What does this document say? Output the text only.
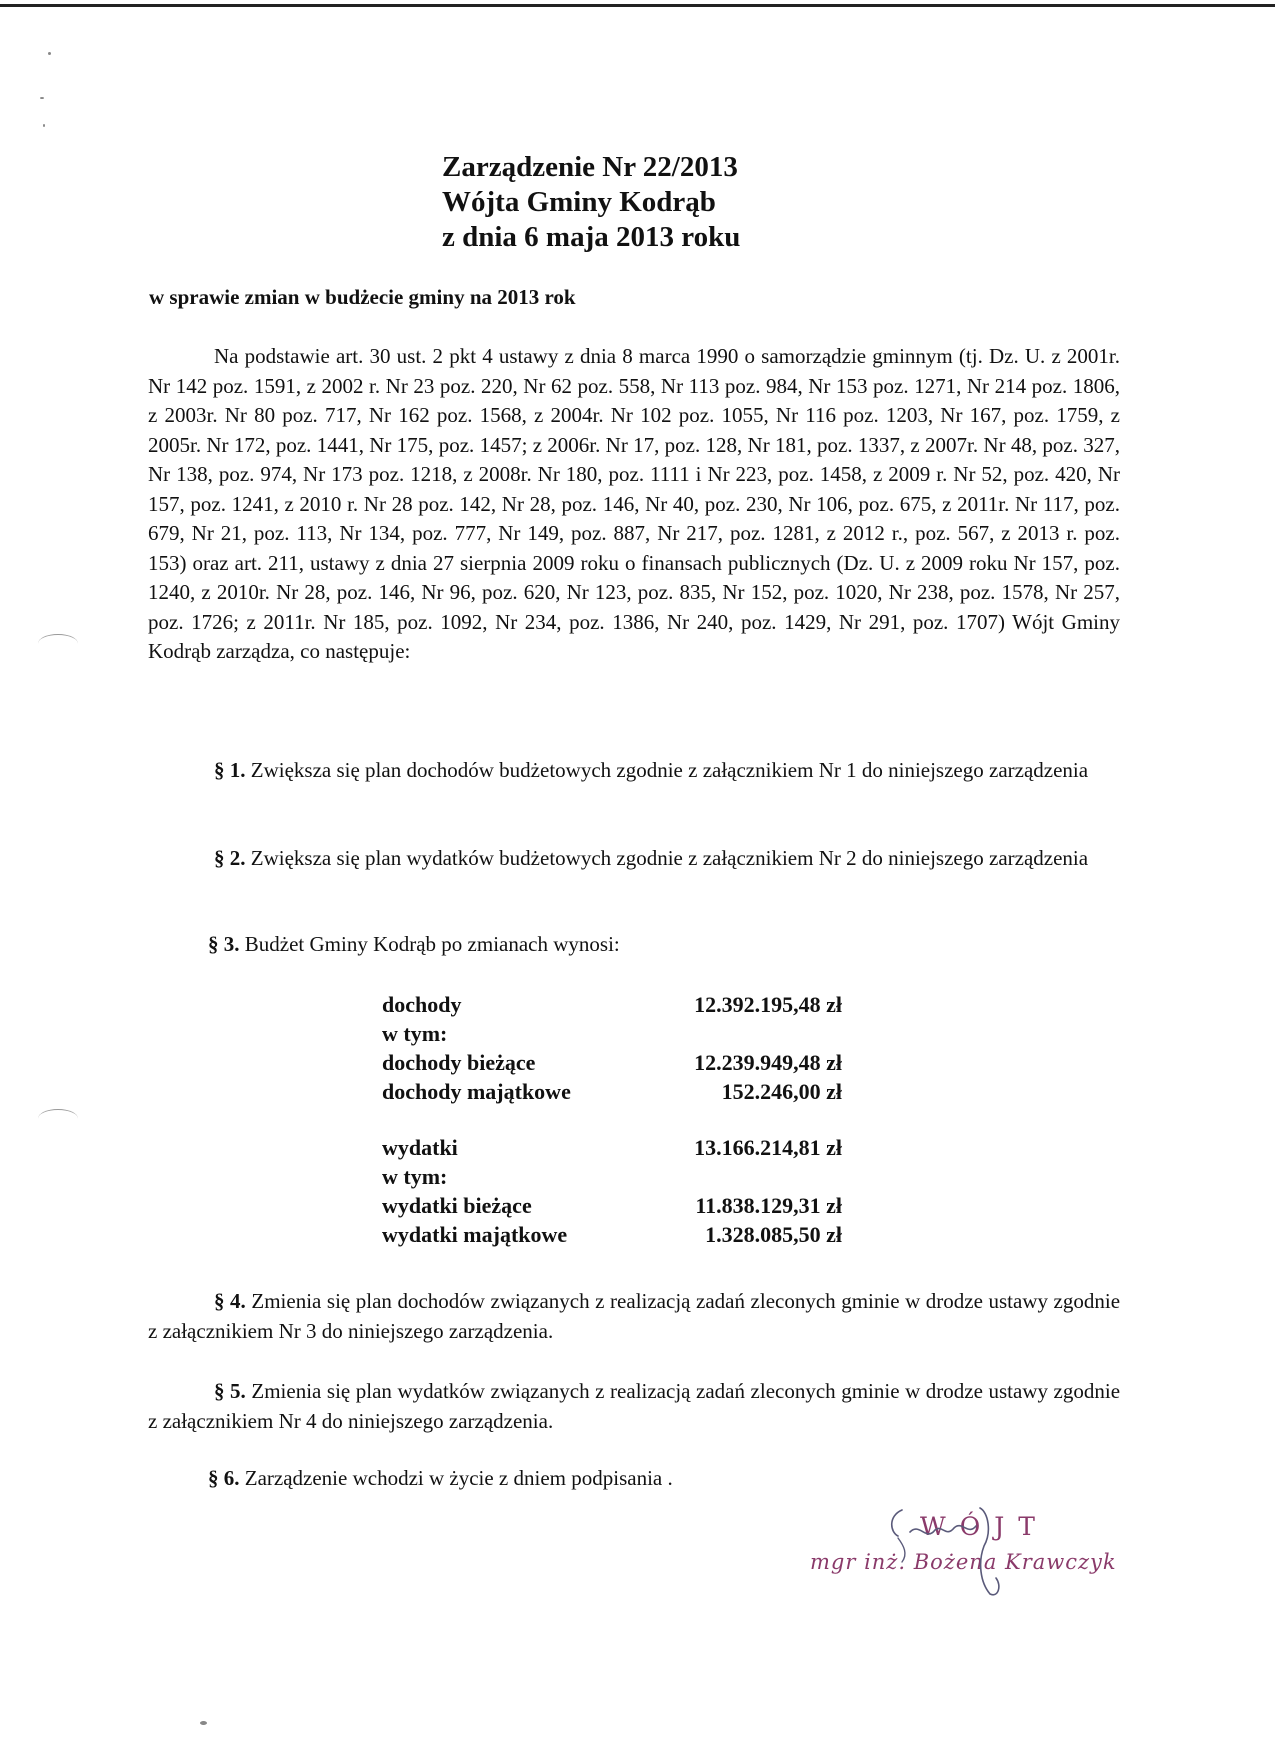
Zarządzenie Nr 22/2013
Wójta Gminy Kodrąb
z dnia 6 maja 2013 roku
w sprawie zmian w budżecie gminy na 2013 rok
Na podstawie art. 30 ust. 2 pkt 4 ustawy z dnia 8 marca 1990 o samorządzie gminnym (tj. Dz. U. z 2001r. Nr 142 poz. 1591, z 2002 r. Nr 23 poz. 220, Nr 62 poz. 558, Nr 113 poz. 984, Nr 153 poz. 1271, Nr 214 poz. 1806, z 2003r. Nr 80 poz. 717, Nr 162 poz. 1568, z 2004r. Nr 102 poz. 1055, Nr 116 poz. 1203, Nr 167, poz. 1759, z 2005r. Nr 172, poz. 1441, Nr 175, poz. 1457; z 2006r. Nr 17, poz. 128, Nr 181, poz. 1337, z 2007r. Nr 48, poz. 327, Nr 138, poz. 974, Nr 173 poz. 1218, z 2008r. Nr 180, poz. 1111 i Nr 223, poz. 1458, z 2009 r. Nr 52, poz. 420, Nr 157, poz. 1241, z 2010 r. Nr 28 poz. 142, Nr 28, poz. 146, Nr 40, poz. 230, Nr 106, poz. 675, z 2011r. Nr 117, poz. 679, Nr 21, poz. 113, Nr 134, poz. 777, Nr 149, poz. 887, Nr 217, poz. 1281, z 2012 r., poz. 567, z 2013 r. poz. 153) oraz art. 211, ustawy z dnia 27 sierpnia 2009 roku o finansach publicznych (Dz. U. z 2009 roku Nr 157, poz. 1240, z 2010r. Nr 28, poz. 146, Nr 96, poz. 620, Nr 123, poz. 835, Nr 152, poz. 1020, Nr 238, poz. 1578, Nr 257, poz. 1726; z 2011r. Nr 185, poz. 1092, Nr 234, poz. 1386, Nr 240, poz. 1429, Nr 291, poz. 1707) Wójt Gminy Kodrąb zarządza, co następuje:
§ 1. Zwiększa się plan dochodów budżetowych zgodnie z załącznikiem Nr 1 do niniejszego zarządzenia
§ 2. Zwiększa się plan wydatków budżetowych zgodnie z załącznikiem Nr 2 do niniejszego zarządzenia
§ 3. Budżet Gminy Kodrąb po zmianach wynosi:
dochody	12.392.195,48 zł
w tym:
dochody bieżące	12.239.949,48 zł
dochody majątkowe	152.246,00 zł
wydatki	13.166.214,81 zł
w tym:
wydatki bieżące	11.838.129,31 zł
wydatki majątkowe	1.328.085,50 zł
§ 4. Zmienia się plan dochodów związanych z realizacją zadań zleconych gminie w drodze ustawy zgodnie z załącznikiem Nr 3 do niniejszego zarządzenia.
§ 5. Zmienia się plan wydatków związanych z realizacją zadań zleconych gminie w drodze ustawy zgodnie z załącznikiem Nr 4 do niniejszego zarządzenia.
§ 6. Zarządzenie wchodzi w życie z dniem podpisania .
WÓJT
mgr inż. Bożena Krawczyk
